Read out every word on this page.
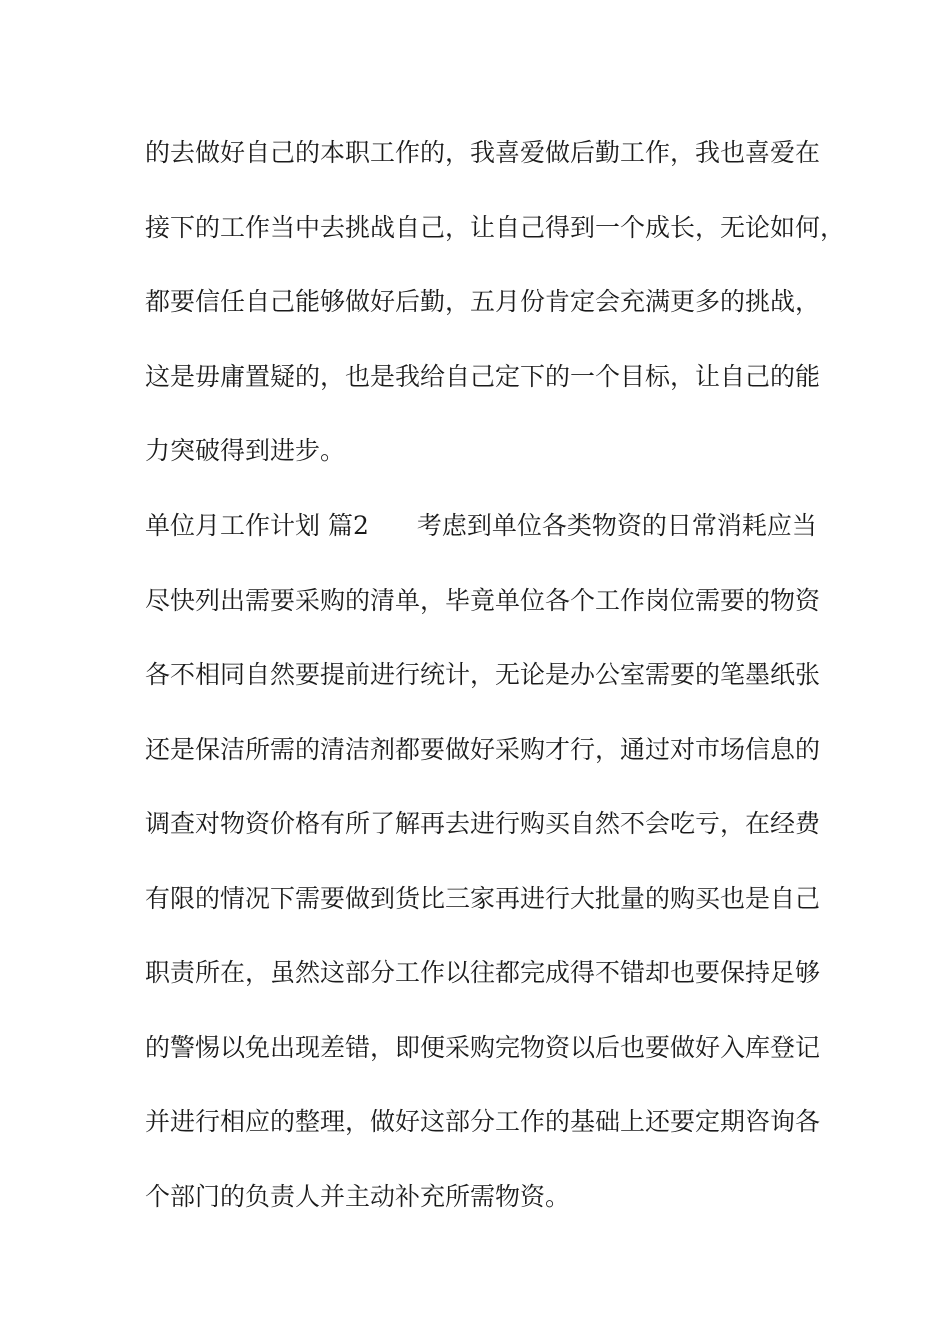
的去做好自己的本职工作的，我喜爱做后勤工作，我也喜爱在

接下的工作当中去挑战自己，让自己得到一个成长，无论如何，

都要信任自己能够做好后勤，五月份肯定会充满更多的挑战，

这是毋庸置疑的，也是我给自己定下的一个目标，让自己的能

力突破得到进步。

单位月工作计划 篇2 考虑到单位各类物资的日常消耗应当

尽快列出需要采购的清单，毕竟单位各个工作岗位需要的物资

各不相同自然要提前进行统计，无论是办公室需要的笔墨纸张

还是保洁所需的清洁剂都要做好采购才行，通过对市场信息的

调查对物资价格有所了解再去进行购买自然不会吃亏，在经费

有限的情况下需要做到货比三家再进行大批量的购买也是自己

职责所在，虽然这部分工作以往都完成得不错却也要保持足够

的警惕以免出现差错，即便采购完物资以后也要做好入库登记

并进行相应的整理，做好这部分工作的基础上还要定期咨询各

个部门的负责人并主动补充所需物资。
